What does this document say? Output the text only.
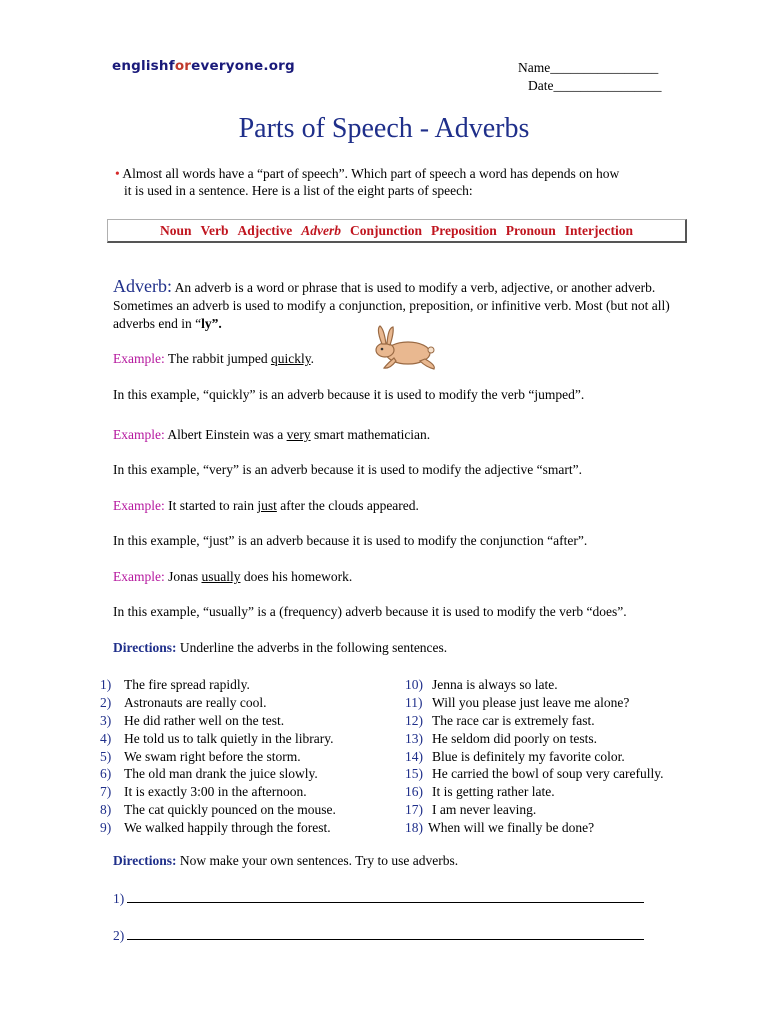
englishforeveryone.org	Name________________
Date________________
Parts of Speech - Adverbs
• Almost all words have a “part of speech”. Which part of speech a word has depends on how
it is used in a sentence. Here is a list of the eight parts of speech:
Noun Verb Adjective Adverb Conjunction Preposition Pronoun Interjection
Adverb: An adverb is a word or phrase that is used to modify a verb, adjective, or another adverb. Sometimes an adverb is used to modify a conjunction, preposition, or infinitive verb. Most (but not all) adverbs end in “ly”.
Example: The rabbit jumped quickly.
In this example, “quickly” is an adverb because it is used to modify the verb “jumped”.
Example: Albert Einstein was a very smart mathematician.
In this example, “very” is an adverb because it is used to modify the adjective “smart”.
Example: It started to rain just after the clouds appeared.
In this example, “just” is an adverb because it is used to modify the conjunction “after”.
Example: Jonas usually does his homework.
In this example, “usually” is a (frequency) adverb because it is used to modify the verb “does”.
Directions: Underline the adverbs in the following sentences.
1) The fire spread rapidly.
2) Astronauts are really cool.
3) He did rather well on the test.
4) He told us to talk quietly in the library.
5) We swam right before the storm.
6) The old man drank the juice slowly.
7) It is exactly 3:00 in the afternoon.
8) The cat quickly pounced on the mouse.
9) We walked happily through the forest.
10) Jenna is always so late.
11) Will you please just leave me alone?
12) The race car is extremely fast.
13) He seldom did poorly on tests.
14) Blue is definitely my favorite color.
15) He carried the bowl of soup very carefully.
16) It is getting rather late.
17) I am never leaving.
18) When will we finally be done?
Directions: Now make your own sentences. Try to use adverbs.
1)
2)
